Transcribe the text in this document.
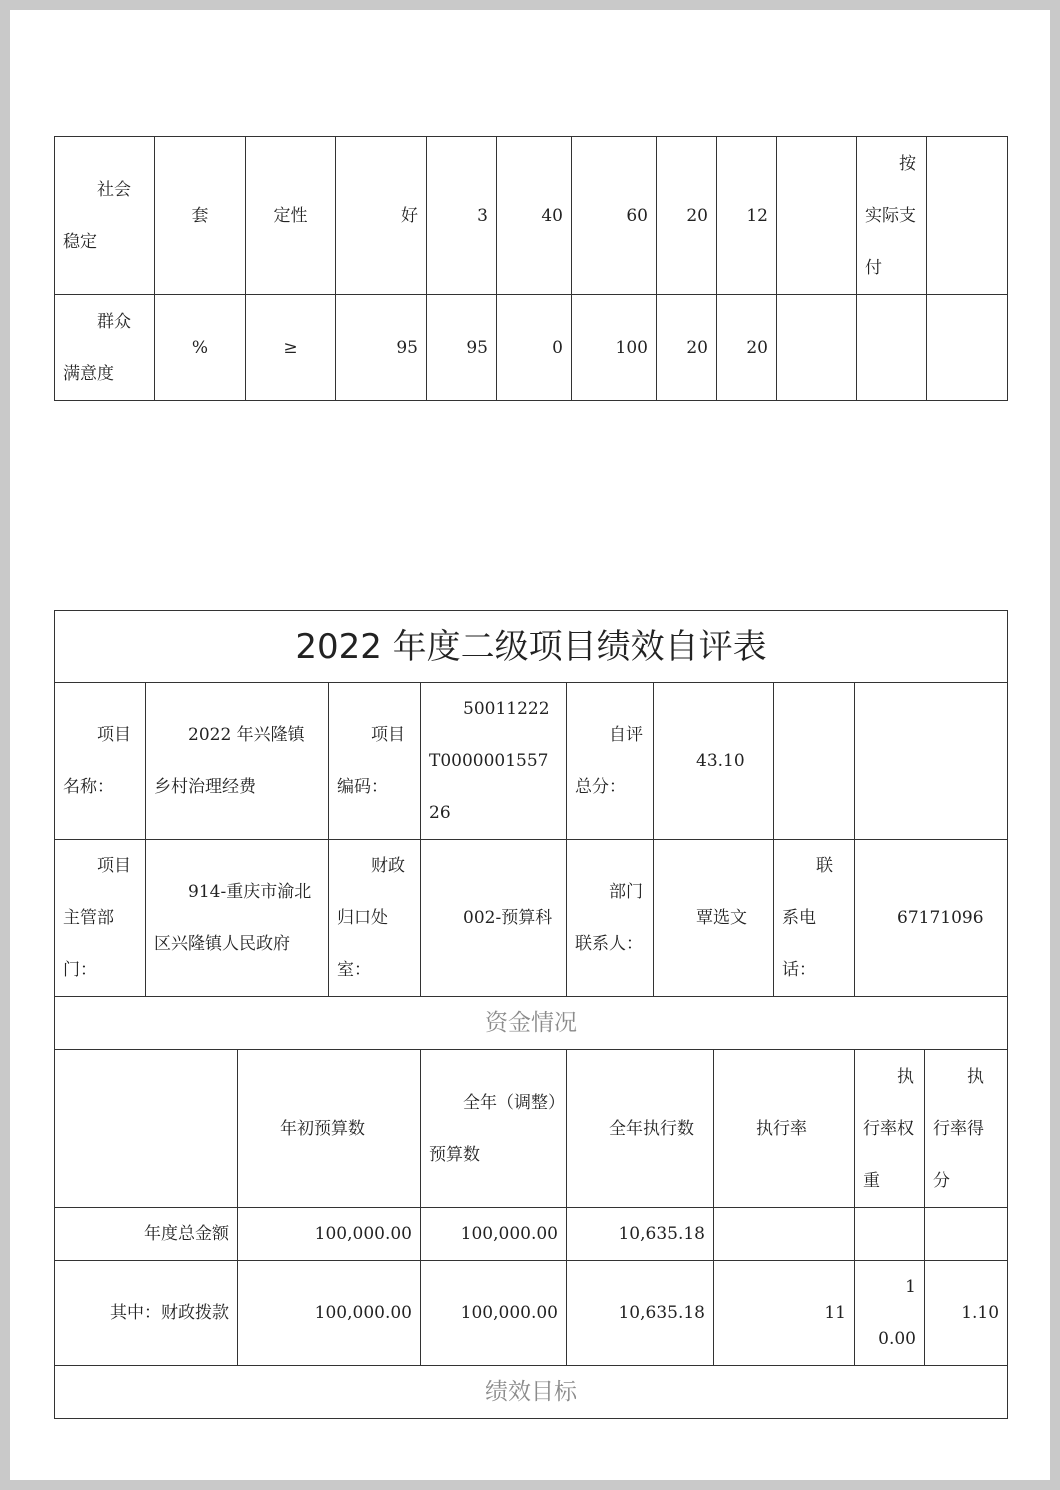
社会稳定	套	定性	好	3	40	60	20	12		按实际支付	
群众满意度	%	≥	95	95	0	100	20	20			
2022 年度二级项目绩效自评表										
项目名称：	2022 年兴隆镇乡村治理经费		项目编码：	50011222T000000155726	自评总分：	43.10				
项目主管部门：	914-重庆市渝北区兴隆镇人民政府		财政归口处室：	002-预算科	部门联系人：	覃选文		联系电话：	67171096	
资金情况										
		年初预算数		全年（调整）预算数	全年执行数		执行率		执行率权重	执行率得分
年度总金额		100,000.00		100,000.00	10,635.18					
其中：财政拨款		100,000.00		100,000.00	10,635.18		11		10.00	1.10
绩效目标										
